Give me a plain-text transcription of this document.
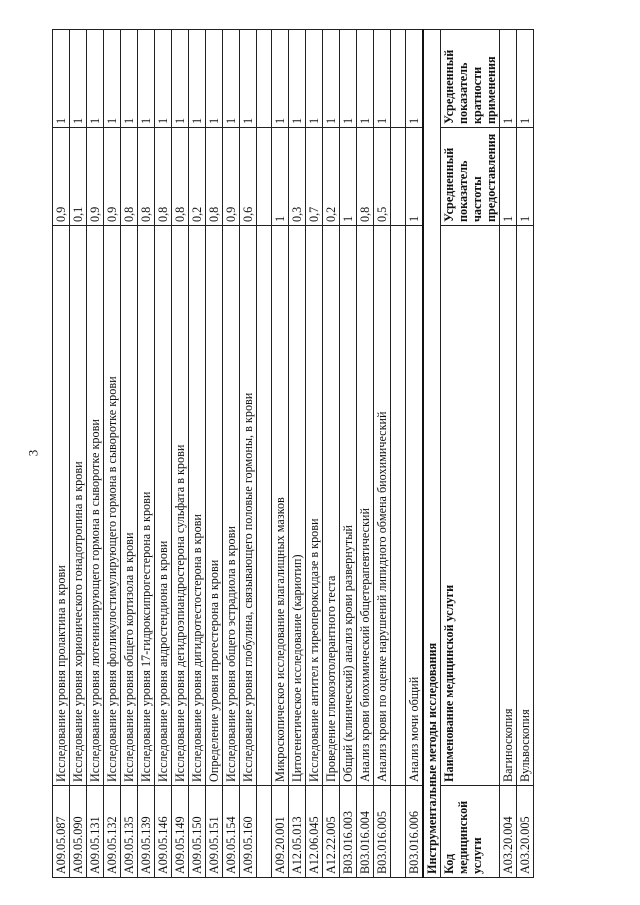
3
A09.05.087	Исследование уровня пролактина в крови	0,9	1
A09.05.090	Исследование уровня хорионического гонадотропина в крови	0,1	1
A09.05.131	Исследование уровня лютеинизирующего гормона в сыворотке крови	0,9	1
A09.05.132	Исследование уровня фолликулостимулирующего гормона в сыворотке крови	0,9	1
A09.05.135	Исследование уровня общего кортизола в крови	0,8	1
A09.05.139	Исследование уровня 17-гидроксипрогестерона в крови	0,8	1
A09.05.146	Исследование уровня андростендиона в крови	0,8	1
A09.05.149	Исследование уровня дегидроэпиандростерона сульфата в крови	0,8	1
A09.05.150	Исследование уровня дигидротестостерона в крови	0,2	1
A09.05.151	Определение уровня прогестерона в крови	0,8	1
A09.05.154	Исследование уровня общего эстрадиола в крови	0,9	1
A09.05.160	Исследование уровня глобулина, связывающего половые гормоны, в крови	0,6	1

A09.20.001	Микроскопическое исследование влагалищных мазков	1	1
A12.05.013	Цитогенетическое исследование (кариотип)	0,3	1
A12.06.045	Исследование антител к тиреопероксидазе в крови	0,7	1
A12.22.005	Проведение глюкозотолерантного теста	0,2	1
B03.016.003	Общий (клинический) анализ крови развернутый	1	1
B03.016.004	Анализ крови биохимический общетерапевтический	0,8	1
B03.016.005	Анализ крови по оценке нарушений липидного обмена биохимический	0,5	1

B03.016.006	Анализ мочи общий	1	1
Инструментальные методы исследования			
Код медицинской услуги	Наименование медицинской услуги	Усредненный показатель частоты предоставления	Усредненный показатель кратности применения
A03.20.004	Вагиноскопия	1	1
A03.20.005	Вульвоскопия	1	1
